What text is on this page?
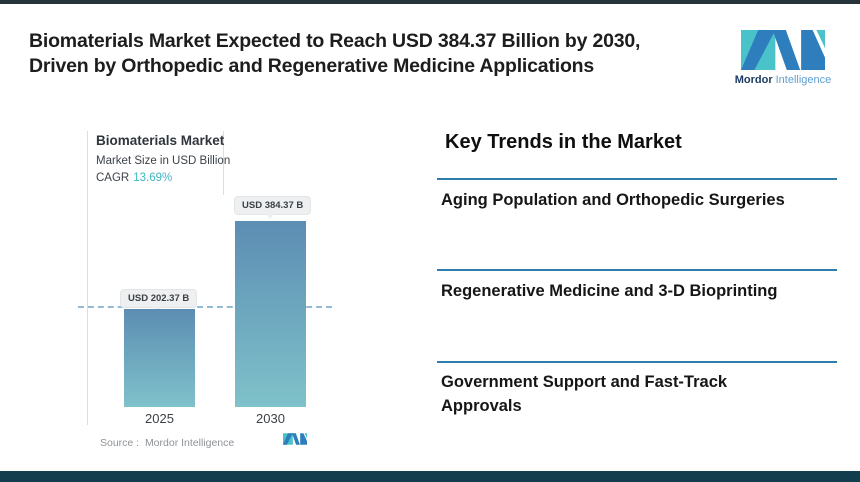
Biomaterials Market Expected to Reach USD 384.37 Billion by 2030,
Driven by Orthopedic and Regenerative Medicine Applications
Mordor Intelligence
Biomaterials Market
Market Size in USD Billion
CAGR 13.69%
USD 384.37 B
USD 202.37 B
2025	2030
Source :  Mordor Intelligence
Key Trends in the Market
Aging Population and Orthopedic Surgeries
Regenerative Medicine and 3-D Bioprinting
Government Support and Fast-Track Approvals
